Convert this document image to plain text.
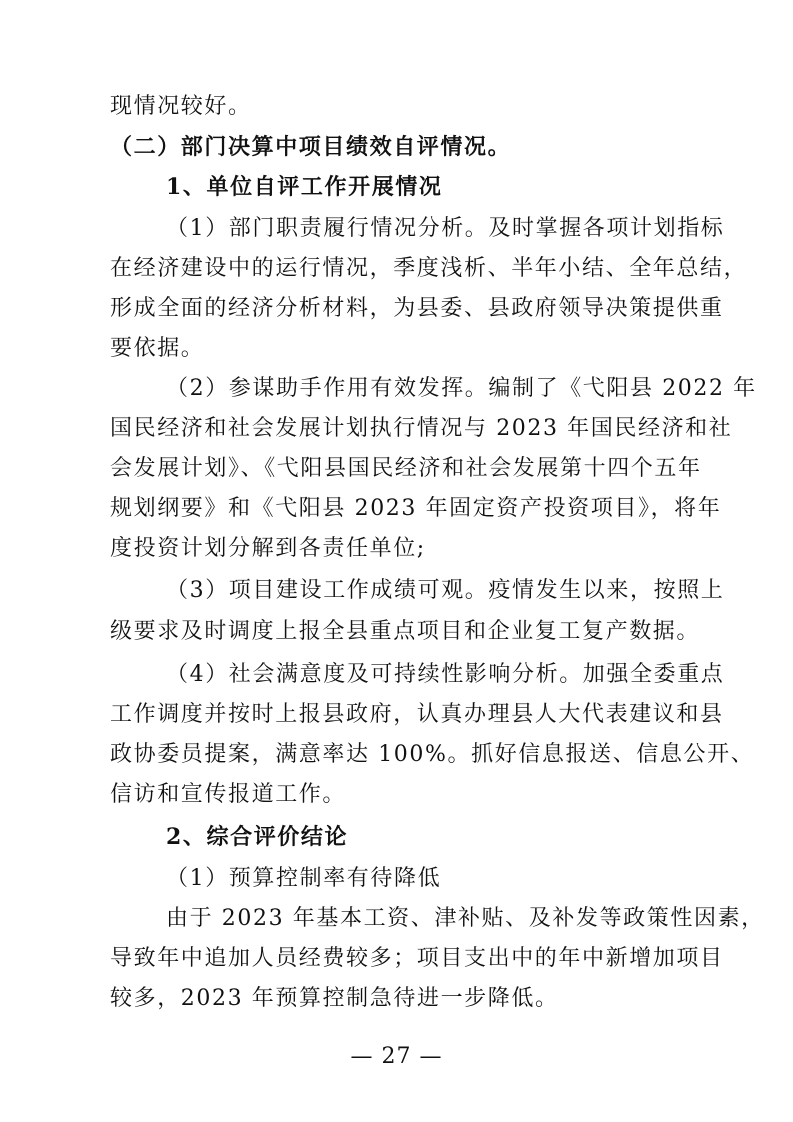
现情况较好。
（二）部门决算中项目绩效自评情况。
1、单位自评工作开展情况
（1）部门职责履行情况分析。及时掌握各项计划指标
在经济建设中的运行情况，季度浅析、半年小结、全年总结，
形成全面的经济分析材料，为县委、县政府领导决策提供重
要依据。
（2）参谋助手作用有效发挥。编制了《弋阳县 2022 年
国民经济和社会发展计划执行情况与 2023 年国民经济和社
会发展计划》、《弋阳县国民经济和社会发展第十四个五年
规划纲要》和《弋阳县 2023 年固定资产投资项目》，将年
度投资计划分解到各责任单位;
（3）项目建设工作成绩可观。疫情发生以来，按照上
级要求及时调度上报全县重点项目和企业复工复产数据。
（4）社会满意度及可持续性影响分析。加强全委重点
工作调度并按时上报县政府，认真办理县人大代表建议和县
政协委员提案，满意率达 100%。抓好信息报送、信息公开、
信访和宣传报道工作。
2、综合评价结论
（1）预算控制率有待降低
由于 2023 年基本工资、津补贴、及补发等政策性因素，
导致年中追加人员经费较多；项目支出中的年中新增加项目
— 27 —
较多，2023 年预算控制急待进一步降低。
